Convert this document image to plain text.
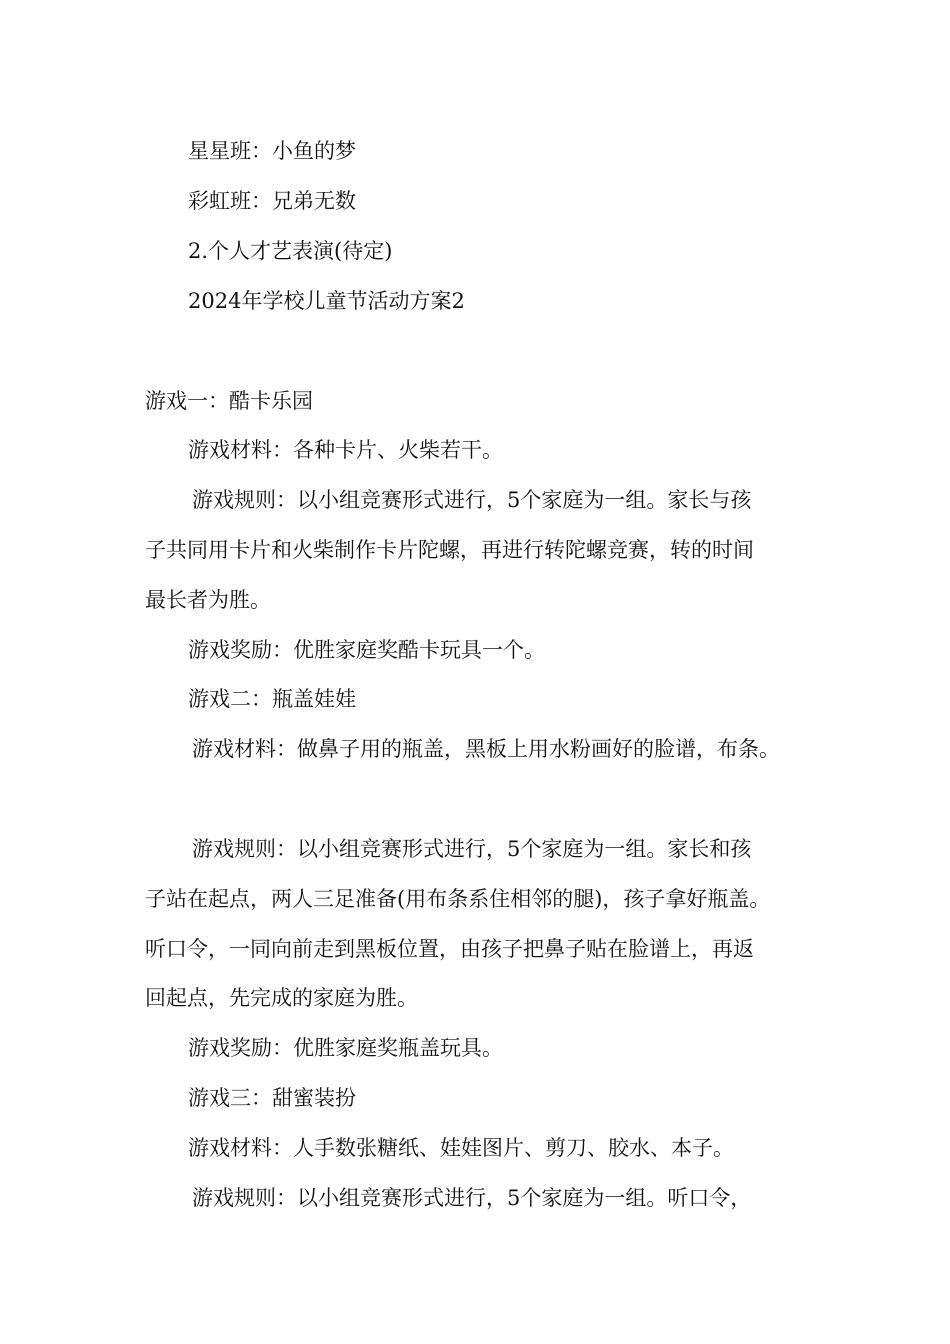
星星班：小鱼的梦
彩虹班：兄弟无数
2.个人才艺表演(待定)
2024年学校儿童节活动方案2
游戏一：酷卡乐园
游戏材料：各种卡片、火柴若干。
游戏规则：以小组竞赛形式进行，5个家庭为一组。家长与孩
子共同用卡片和火柴制作卡片陀螺，再进行转陀螺竞赛，转的时间
最长者为胜。
游戏奖励：优胜家庭奖酷卡玩具一个。
游戏二：瓶盖娃娃
游戏材料：做鼻子用的瓶盖，黑板上用水粉画好的脸谱，布条。
游戏规则：以小组竞赛形式进行，5个家庭为一组。家长和孩
子站在起点，两人三足准备(用布条系住相邻的腿)，孩子拿好瓶盖。
听口令，一同向前走到黑板位置，由孩子把鼻子贴在脸谱上，再返
回起点，先完成的家庭为胜。
游戏奖励：优胜家庭奖瓶盖玩具。
游戏三：甜蜜装扮
游戏材料：人手数张糖纸、娃娃图片、剪刀、胶水、本子。
游戏规则：以小组竞赛形式进行，5个家庭为一组。听口令，
